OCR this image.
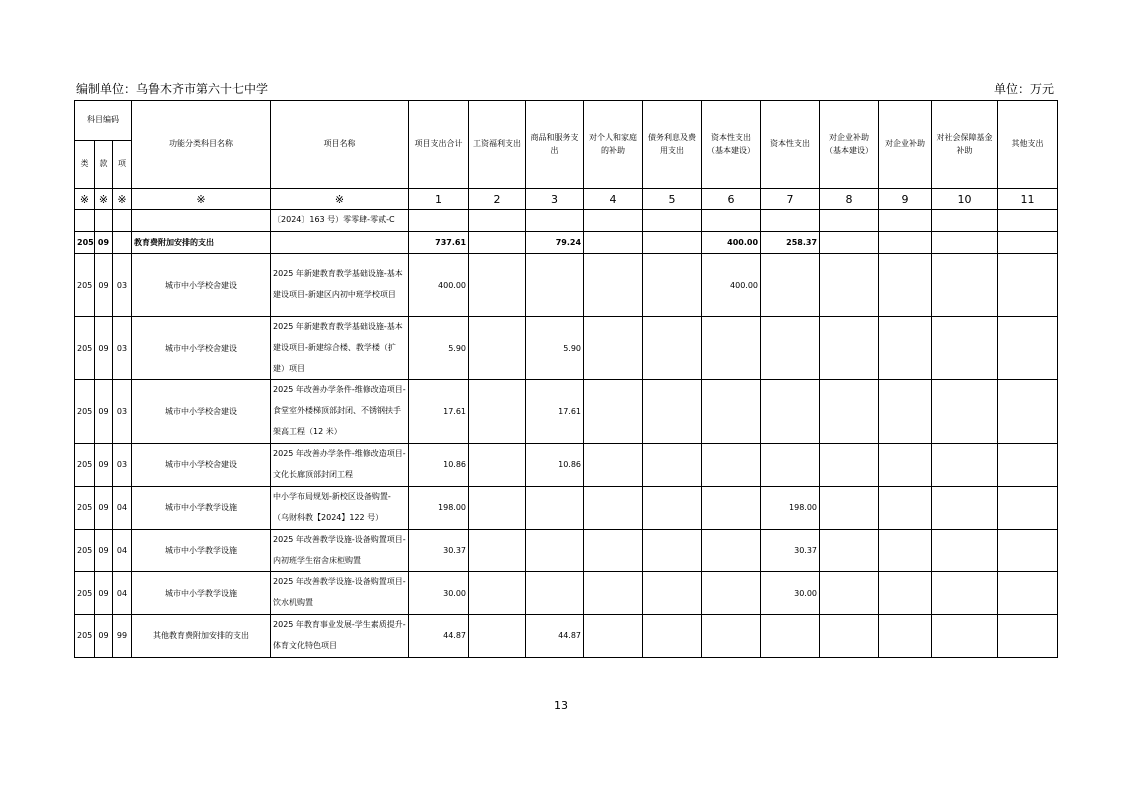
编制单位：乌鲁木齐市第六十七中学	单位：万元
科目编码			功能分类科目名称	项目名称	项目支出合计	工资福利支出	商品和服务支出	对个人和家庭的补助	债务利息及费用支出	资本性支出（基本建设）	资本性支出	对企业补助（基本建设）	对企业补助	对社会保障基金补助	其他支出
类	款	项													
※	※	※	※	※	1	2	3	4	5	6	7	8	9	10	11
				〔2024〕163 号）零零肆-零贰-C											
205	09		教育费附加安排的支出		737.61		79.24			400.00	258.37				
205	09	03	城市中小学校舍建设	2025 年新建教育教学基础设施-基本建设项目-新建区内初中班学校项目	400.00					400.00					
205	09	03	城市中小学校舍建设	2025 年新建教育教学基础设施-基本建设项目-新建综合楼、教学楼（扩建）项目	5.90		5.90								
205	09	03	城市中小学校舍建设	2025 年改善办学条件-维修改造项目-食堂室外楼梯顶部封闭、不锈钢扶手架高工程（12 米）	17.61		17.61								
205	09	03	城市中小学校舍建设	2025 年改善办学条件-维修改造项目-文化长廊顶部封闭工程	10.86		10.86								
205	09	04	城市中小学教学设施	中小学布局规划-新校区设备购置-（乌财科教【2024】122 号）	198.00						198.00				
205	09	04	城市中小学教学设施	2025 年改善教学设施-设备购置项目-内初班学生宿舍床柜购置	30.37						30.37				
205	09	04	城市中小学教学设施	2025 年改善教学设施-设备购置项目-饮水机购置	30.00						30.00				
205	09	99	其他教育费附加安排的支出	2025 年教育事业发展-学生素质提升-体育文化特色项目	44.87		44.87								
13
